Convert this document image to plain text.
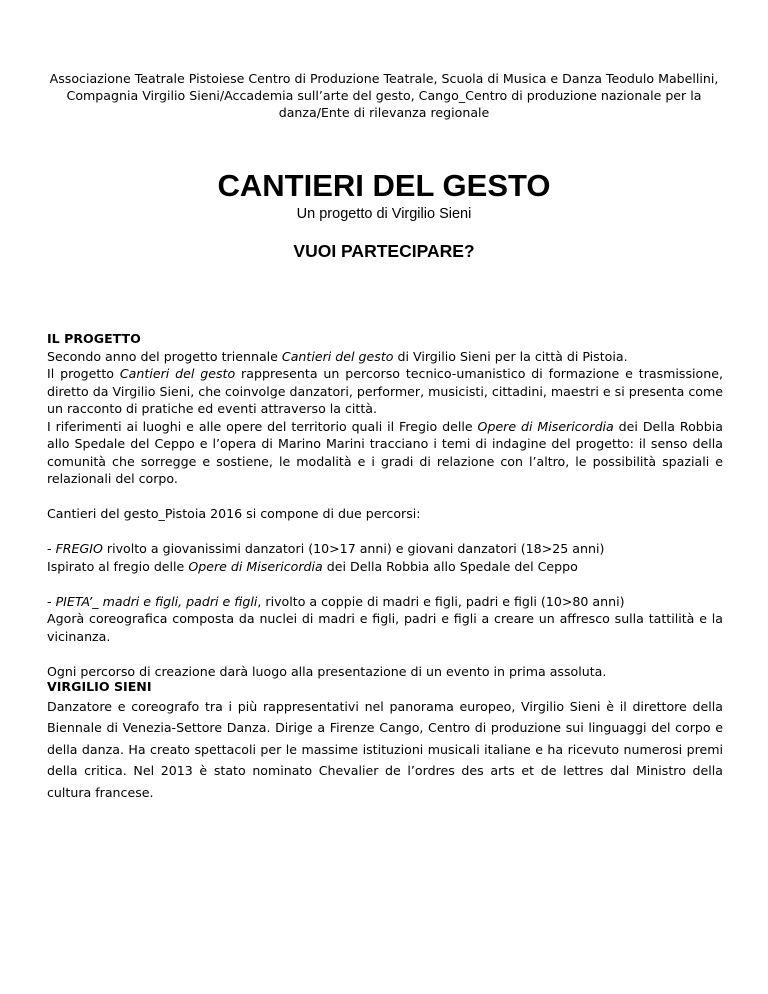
Associazione Teatrale Pistoiese Centro di Produzione Teatrale, Scuola di Musica e Danza Teodulo Mabellini, Compagnia Virgilio Sieni/Accademia sull’arte del gesto, Cango_Centro di produzione nazionale per la danza/Ente di rilevanza regionale
CANTIERI DEL GESTO
Un progetto di Virgilio Sieni
VUOI PARTECIPARE?

IL PROGETTO

Secondo anno del progetto triennale Cantieri del gesto di Virgilio Sieni per la città di Pistoia.

Il progetto Cantieri del gesto rappresenta un percorso tecnico-umanistico di formazione e trasmissione, diretto da Virgilio Sieni, che coinvolge danzatori, performer, musicisti, cittadini, maestri e si presenta come un racconto di pratiche ed eventi attraverso la città.

I riferimenti ai luoghi e alle opere del territorio quali il Fregio delle Opere di Misericordia dei Della Robbia allo Spedale del Ceppo e l’opera di Marino Marini tracciano i temi di indagine del progetto: il senso della comunità che sorregge e sostiene, le modalità e i gradi di relazione con l’altro, le possibilità spaziali e relazionali del corpo.

Cantieri del gesto_Pistoia 2016 si compone di due percorsi:

- FREGIO rivolto a giovanissimi danzatori (10>17 anni) e giovani danzatori (18>25 anni)

Ispirato al fregio delle Opere di Misericordia dei Della Robbia allo Spedale del Ceppo

- PIETA’_ madri e figli, padri e figli, rivolto a coppie di madri e figli, padri e figli (10>80 anni)

Agorà coreografica composta da nuclei di madri e figli, padri e figli a creare un affresco sulla tattilità e la vicinanza.

Ogni percorso di creazione darà luogo alla presentazione di un evento in prima assoluta.

VIRGILIO SIENI

Danzatore e coreografo tra i più rappresentativi nel panorama europeo, Virgilio Sieni è il direttore della Biennale di Venezia-Settore Danza. Dirige a Firenze Cango, Centro di produzione sui linguaggi del corpo e della danza. Ha creato spettacoli per le massime istituzioni musicali italiane e ha ricevuto numerosi premi della critica. Nel 2013 è stato nominato Chevalier de l’ordres des arts et de lettres dal Ministro della cultura francese.
